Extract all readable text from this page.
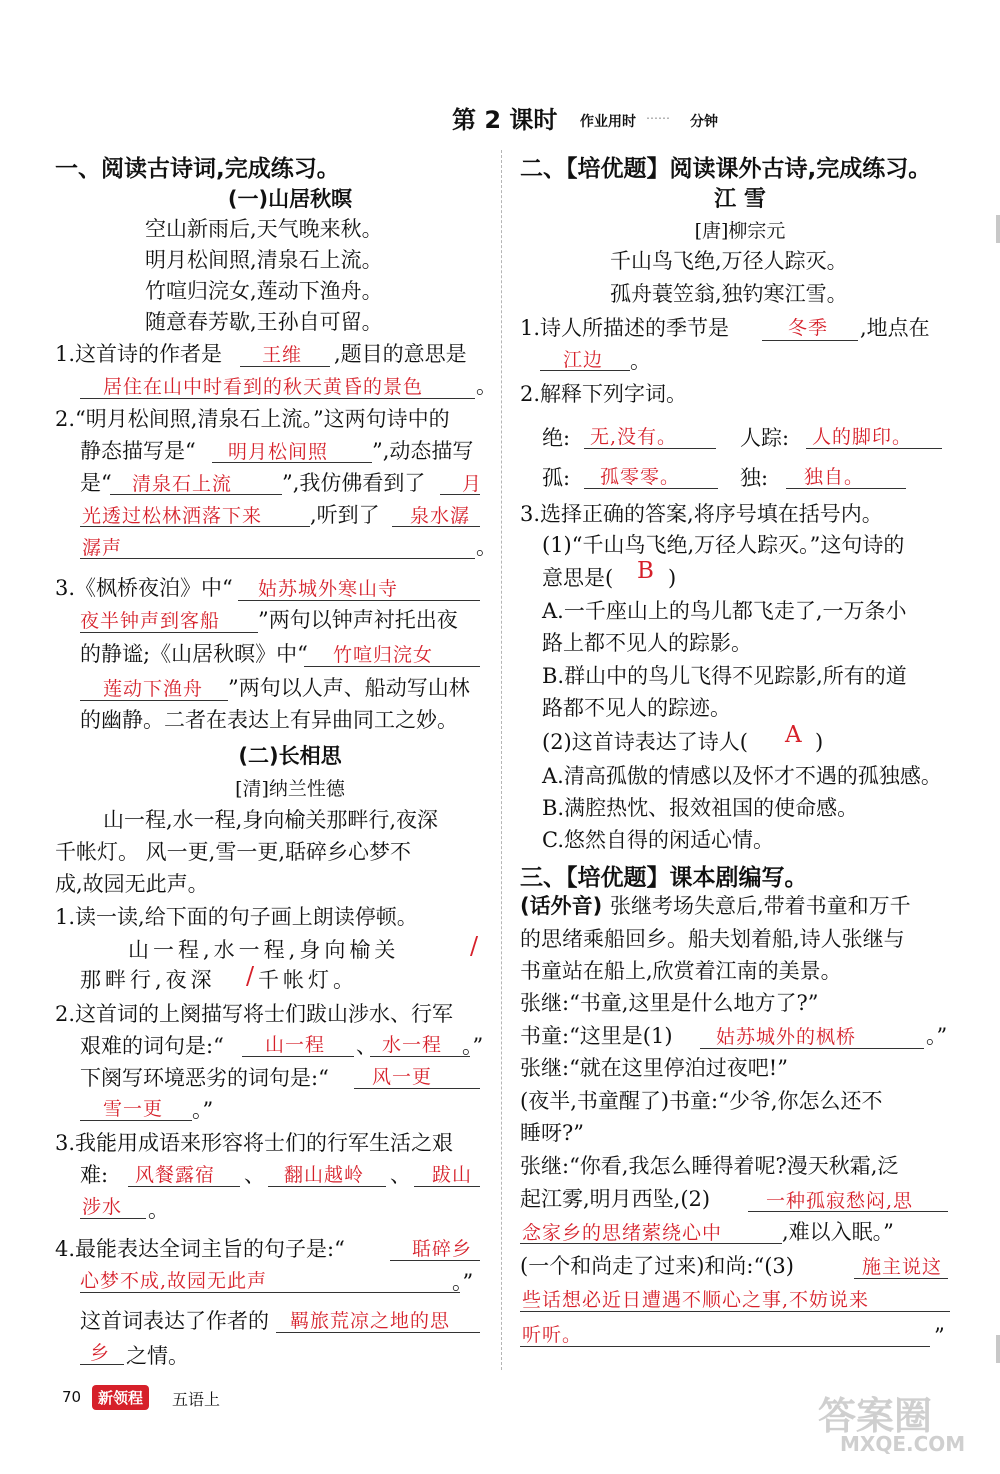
第 2 课时 作业用时 …… 分钟
一、阅读古诗词,完成练习。
(一)山居秋暝
空山新雨后,天气晚来秋。
明月松间照,清泉石上流。
竹喧归浣女,莲动下渔舟。
随意春芳歇,王孙自可留。
1.这首诗的作者是 王维 ,题目的意思是
居住在山中时看到的秋天黄昏的景色	。
2.“明月松间照,清泉石上流。”这两句诗中的
静态描写是“ 明月松间照 ”,动态描写
是“ 清泉石上流 ”,我仿佛看到了 月
光透过松林洒落下来 ,听到了 泉水潺
潺声	。
3.《枫桥夜泊》中“ 姑苏城外寒山寺
夜半钟声到客船 ”两句以钟声衬托出夜
的静谧;《山居秋暝》中“ 竹喧归浣女
莲动下渔舟 ”两句以人声、船动写山林
的幽静。二者在表达上有异曲同工之妙。
(二)长相思
[清]纳兰性德
山一程,水一程,身向榆关那畔行,夜深
千帐灯。 风一更,雪一更,聒碎乡心梦不
成,故园无此声。
1.读一读,给下面的句子画上朗读停顿。
山一程,水一程,身向榆关	/
那畔行,夜深 / 千帐灯。
2.这首词的上阕描写将士们跋山涉水、行军
艰难的词句是:“ 山一程 、 水一程 。”
下阕写环境恶劣的词句是:“ 风一更
雪一更 。”
3.我能用成语来形容将士们的行军生活之艰
难: 风餐露宿 、 翻山越岭 、 跋山
涉水 。
4.最能表达全词主旨的句子是:“	聒碎乡
心梦不成,故园无此声	。”
这首词表达了作者的 羁旅荒凉之地的思
乡 之情。
二、【培优题】阅读课外古诗,完成练习。
江 雪
[唐]柳宗元
千山鸟飞绝,万径人踪灭。
孤舟蓑笠翁,独钓寒江雪。
1.诗人所描述的季节是	冬季 ,地点在
江边 。
2.解释下列字词。
绝: 无,没有。	人踪: 人的脚印。
孤: 孤零零。	独: 独自。
3.选择正确的答案,将序号填在括号内。
(1)“千山鸟飞绝,万径人踪灭。”这句诗的
意思是( B )
A.一千座山上的鸟儿都飞走了,一万条小
路上都不见人的踪影。
B.群山中的鸟儿飞得不见踪影,所有的道
路都不见人的踪迹。
(2)这首诗表达了诗人( A )
A.清高孤傲的情感以及怀才不遇的孤独感。
B.满腔热忱、报效祖国的使命感。
C.悠然自得的闲适心情。
三、【培优题】课本剧编写。
(话外音) 张继考场失意后,带着书童和万千
的思绪乘船回乡。船夫划着船,诗人张继与
书童站在船上,欣赏着江南的美景。
张继:“书童,这里是什么地方了?”
书童:“这里是(1) 姑苏城外的枫桥	。”
张继:“就在这里停泊过夜吧!”
(夜半,书童醒了)书童:“少爷,你怎么还不
睡呀?”
张继:“你看,我怎么睡得着呢?漫天秋霜,泛
起江雾,明月西坠,(2)	一种孤寂愁闷,思
念家乡的思绪萦绕心中	,难以入眠。”
(一个和尚走了过来)和尚:“(3)	施主说这
些话想必近日遭遇不顺心之事,不妨说来
听听。	”
70	新领程	五语上	答案圈
MXQE.COM
